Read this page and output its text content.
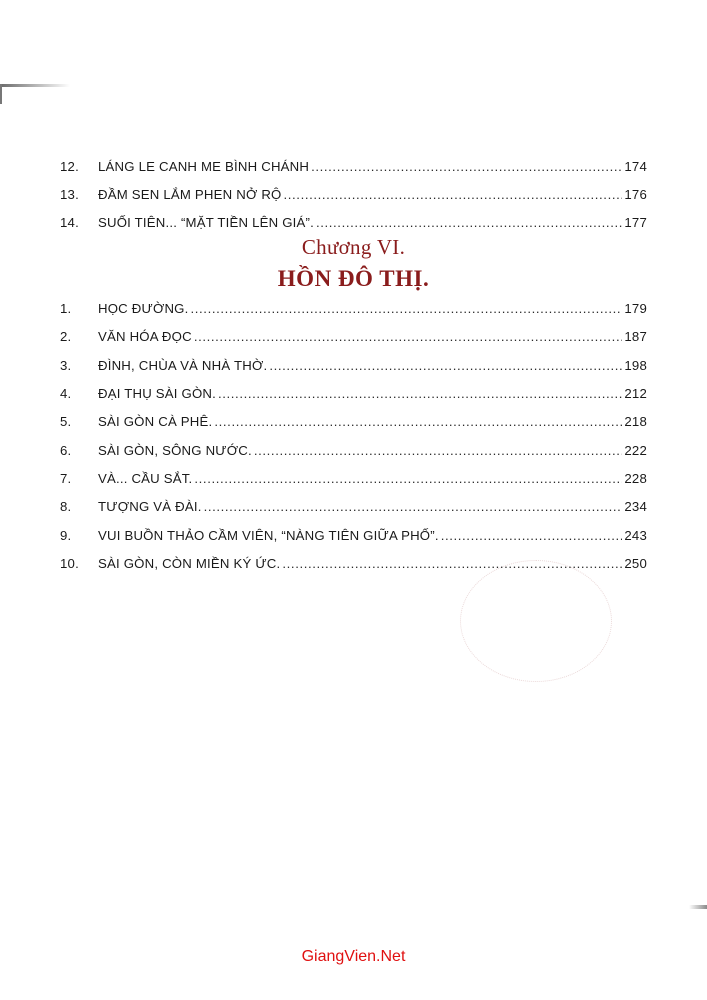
12.	LÁNG LE CANH ME BÌNH CHÁNH .....	174
13.	ĐẦM SEN LẮM PHEN NỞ RỘ .....	176
14.	SUỐI TIÊN... “MẶT TIỀN LÊN GIÁ”. .....	177
1.	HỌC ĐƯỜNG. .....	179
2.	VĂN HÓA ĐỌC .....	187
3.	ĐÌNH, CHÙA VÀ NHÀ THỜ. .....	198
4.	ĐẠI THỤ SÀI GÒN. .....	212
5.	SÀI GÒN CÀ PHÊ. .....	218
6.	SÀI GÒN, SÔNG NƯỚC. .....	222
7.	VÀ... CẦU SẮT. .....	228
8.	TƯỢNG VÀ ĐÀI. .....	234
9.	VUI BUỒN THẢO CẦM VIÊN, “NÀNG TIÊN GIỮA PHỐ”. .....	243
10.	SÀI GÒN, CÒN MIỀN KÝ ỨC. .....	250
Chương VI.
HỒN ĐÔ THỊ.
GiangVien.Net
